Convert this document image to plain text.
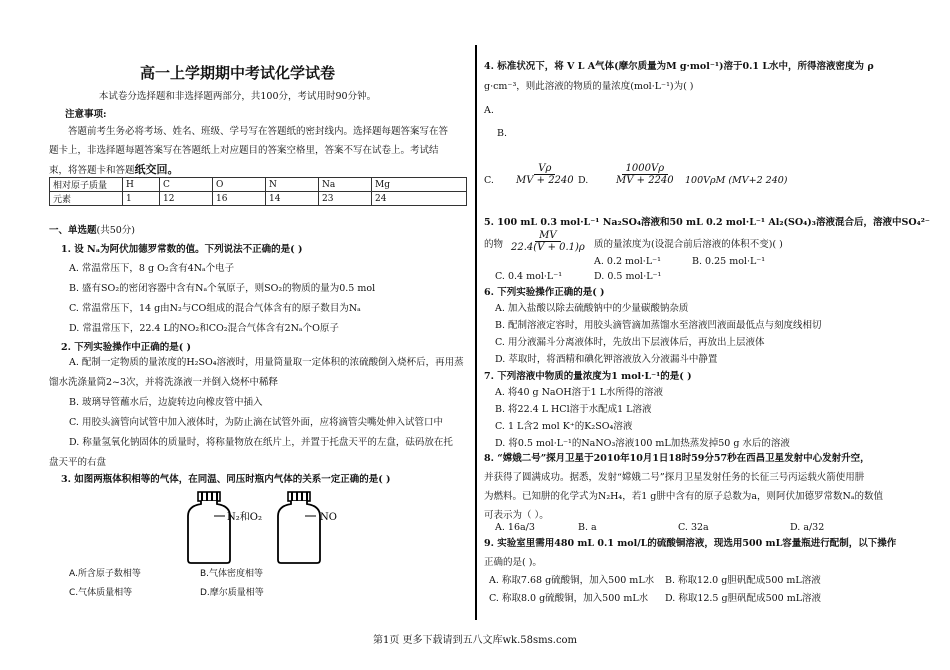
高一上学期期中考试化学试卷
本试卷分选择题和非选择题两部分，共100分，考试用时90分钟。
注意事项:
答题前考生务必将考场、姓名、班级、学号写在答题纸的密封线内。选择题每题答案写在答
题卡上，非选择题每题答案写在答题纸上对应题目的答案空格里，答案不写在试卷上。考试结
束，将答题卡和答题纸交回。
相对原子质量	H	C	O	N	Na	Mg
元素	1	12	16	14	23	24
一、单选题(共50分)
1. 设 Nₐ为阿伏加德罗常数的值。下列说法不正确的是( )
A. 常温常压下，8 g O₂含有4Nₐ个电子
B. 盛有SO₂的密闭容器中含有Nₐ个氧原子，则SO₂的物质的量为0.5 mol
C. 常温常压下，14 g由N₂与CO组成的混合气体含有的原子数目为Nₐ
D. 常温常压下，22.4 L的NO₂和CO₂混合气体含有2Nₐ个O原子
2. 下列实验操作中正确的是( )
A. 配制一定物质的量浓度的H₂SO₄溶液时，用量筒量取一定体积的浓硫酸倒入烧杯后，再用蒸
馏水洗涤量筒2~3次，并将洗涤液一并倒入烧杯中稀释
B. 玻璃导管蘸水后，边旋转边向橡皮管中插入
C. 用胶头滴管向试管中加入液体时，为防止滴在试管外面，应将滴管尖嘴处伸入试管口中
D. 称量氢氧化钠固体的质量时，将称量物放在纸片上，并置于托盘天平的左盘，砝码放在托
盘天平的右盘
3. 如图两瓶体积相等的气体，在同温、同压时瓶内气体的关系一定正确的是( )
N₂和O₂	NO
A.所含原子数相等	B.气体密度相等
C.气体质量相等	D.摩尔质量相等
4. 标准状况下，将 V L A气体(摩尔质量为M g·mol⁻¹)溶于0.1 L水中，所得溶液密度为 ρ
g·cm⁻³，则此溶液的物质的量浓度(mol·L⁻¹)为( )
A.
B.
C. $\frac{V\rho}{MV + 2240} D$. $\frac{1000V\rho}{MV + 2240} 100V\rho M$ (MV+2 240)
5. 100 mL 0.3 mol·L⁻¹ Na₂SO₄溶液和50 mL 0.2 mol·L⁻¹ Al₂(SO₄)₃溶液混合后，溶液中SO₄²⁻
的物 $\frac{MV}{22.4(V + 0.1)\rho}$ 质的量浓度为(设混合前后溶液的体积不变)( )
A. 0.2 mol·L⁻¹	B. 0.25 mol·L⁻¹
C. 0.4 mol·L⁻¹	D. 0.5 mol·L⁻¹
6. 下列实验操作正确的是( )
A. 加入盐酸以除去硫酸钠中的少量碳酸钠杂质
B. 配制溶液定容时，用胶头滴管滴加蒸馏水至溶液凹液面最低点与刻度线相切
C. 用分液漏斗分离液体时，先放出下层液体后，再放出上层液体
D. 萃取时，将酒精和碘化钾溶液放入分液漏斗中静置
7. 下列溶液中物质的量浓度为1 mol·L⁻¹的是( )
A. 将40 g NaOH溶于1 L水所得的溶液
B. 将22.4 L HCl溶于水配成1 L溶液
C. 1 L含2 mol K⁺的K₂SO₄溶液
D. 将0.5 mol·L⁻¹的NaNO₃溶液100 mL加热蒸发掉50 g 水后的溶液
8. “嫦娥二号”探月卫星于2010年10月1日18时59分57秒在西昌卫星发射中心发射升空，
并获得了圆满成功。据悉，发射“嫦娥二号”探月卫星发射任务的长征三号丙运载火箭使用肼
为燃料。已知肼的化学式为N₂H₄，若1 g肼中含有的原子总数为a，则阿伏加德罗常数Nₐ的数值
可表示为（ ）。
A. 16a/3	B. a	C. 32a	D. a/32
9. 实验室里需用480 mL 0.1 mol/L的硫酸铜溶液，现选用500 mL容量瓶进行配制，以下操作
正确的是( )。
A. 称取7.68 g硫酸铜，加入500 mL水 B. 称取12.0 g胆矾配成500 mL溶液
C. 称取8.0 g硫酸铜，加入500 mL水 D. 称取12.5 g胆矾配成500 mL溶液
第1页 更多下载请到五八文库wk.58sms.com
